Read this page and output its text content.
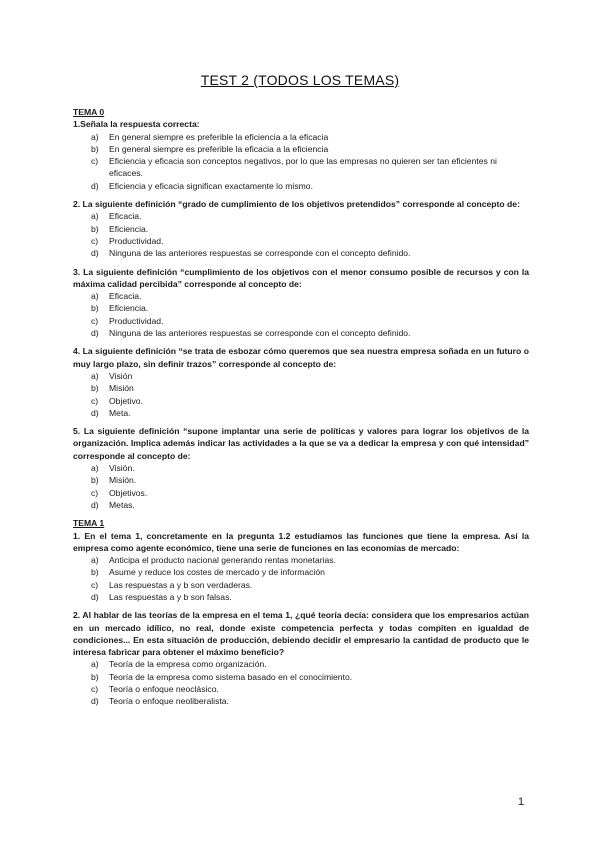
TEST 2 (TODOS LOS TEMAS)
TEMA 0
1.Señala la respuesta correcta:
a)	En general siempre es preferible la eficiencia a la eficacia
b)	En general siempre es preferible la eficacia a la eficiencia
c)	Eficiencia y eficacia son conceptos negativos, por lo que las empresas no quieren ser tan eficientes ni eficaces.
d)	Eficiencia y eficacia significan exactamente lo mismo.
2. La siguiente definición “grado de cumplimiento de los objetivos pretendidos” corresponde al concepto de:
a)	Eficacia.
b)	Eficiencia.
c)	Productividad.
d)	Ninguna de las anteriores respuestas se corresponde con el concepto definido.
3. La siguiente definición “cumplimiento de los objetivos con el menor consumo posible de recursos y con la máxima calidad percibida” corresponde al concepto de:
a)	Eficacia.
b)	Eficiencia.
c)	Productividad.
d)	Ninguna de las anteriores respuestas se corresponde con el concepto definido.
4. La siguiente definición “se trata de esbozar cómo queremos que sea nuestra empresa soñada en un futuro o muy largo plazo, sin definir trazos” corresponde al concepto de:
a)	Visión
b)	Misión
c)	Objetivo.
d)	Meta.
5. La siguiente definición “supone implantar una serie de políticas y valores para lograr los objetivos de la organización. Implica además indicar las actividades a la que se va a dedicar la empresa y con qué intensidad” corresponde al concepto de:
a)	Visión.
b)	Misión.
c)	Objetivos.
d)	Metas.
TEMA 1
1. En el tema 1, concretamente en la pregunta 1.2 estudiamos las funciones que tiene la empresa. Así la empresa como agente económico, tiene una serie de funciones en las economías de mercado:
a)	Anticipa el producto nacional generando rentas monetarias.
b)	Asume y reduce los costes de mercado y de información
c)	Las respuestas a y b son verdaderas.
d)	Las respuestas a y b son falsas.
2. Al hablar de las teorías de la empresa en el tema 1, ¿qué teoría decía: considera que los empresarios actúan en un mercado idílico, no real, donde existe competencia perfecta y todas compiten en igualdad de condiciones... En esta situación de producción, debiendo decidir el empresario la cantidad de producto que le interesa fabricar para obtener el máximo beneficio?
a)	Teoría de la empresa como organización.
b)	Teoría de la empresa como sistema basado en el conocimiento.
c)	Teoría o enfoque neoclásico.
d)	Teoría o enfoque neoliberalista.
1
